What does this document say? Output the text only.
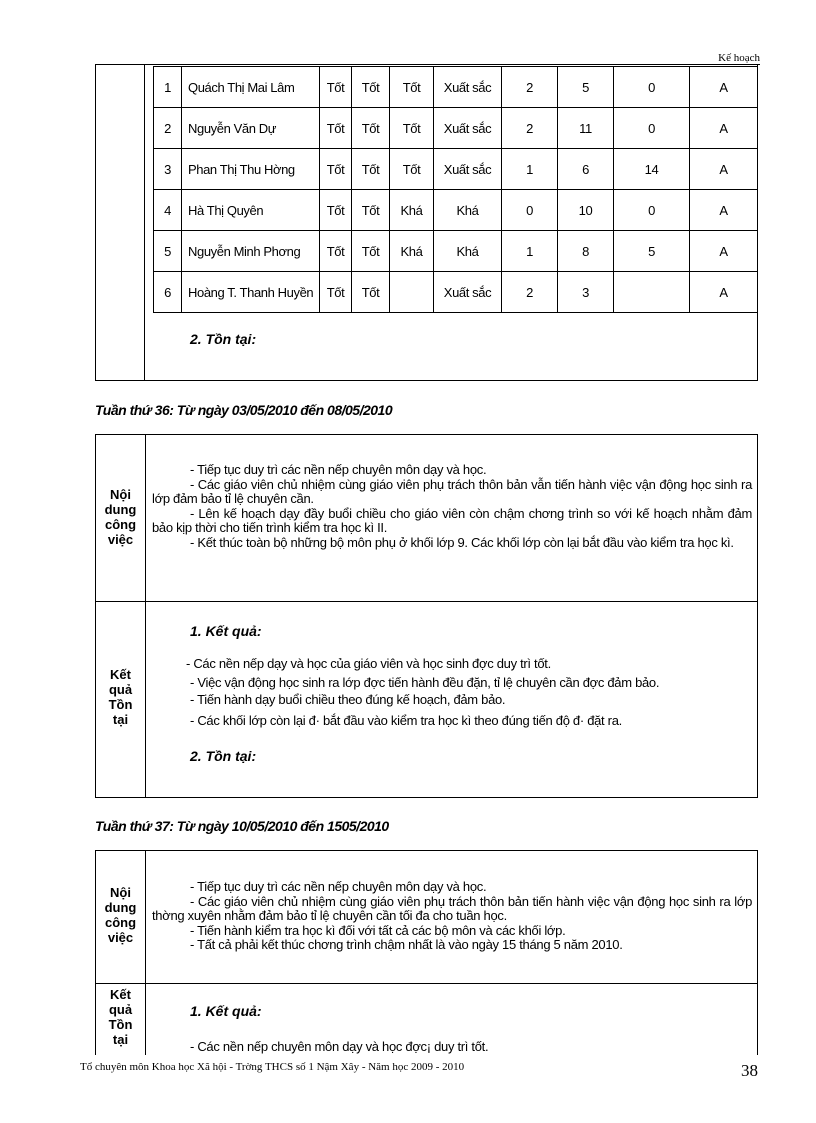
Kế hoạch
1	Quách Thị Mai Lâm	Tốt	Tốt	Tốt	Xuất sắc	2	5	0	A
2	Nguyễn Văn Dự	Tốt	Tốt	Tốt	Xuất sắc	2	11	0	A
3	Phan Thị Thu Hờng	Tốt	Tốt	Tốt	Xuất sắc	1	6	14	A
4	Hà Thị Quyên	Tốt	Tốt	Khá	Khá	0	10	0	A
5	Nguyễn Minh Phơng	Tốt	Tốt	Khá	Khá	1	8	5	A
6	Hoàng T. Thanh Huyền	Tốt	Tốt		Xuất sắc	2	3		A
2. Tồn tại:
Tuần thứ 36: Từ ngày 03/05/2010 đến 08/05/2010
Nội
dung
công
việc

- Tiếp tục duy trì các nền nếp chuyên môn dạy và học.

- Các giáo viên chủ nhiệm cùng giáo viên phụ trách thôn bản vẫn tiến hành việc vận động học sinh ra lớp đảm bảo tỉ lệ chuyên cần.

- Lên kế hoạch dạy đầy buổi chiều cho giáo viên còn chậm chơng trình so với kế hoạch nhằm đảm bảo kịp thời cho tiến trình kiểm tra học kì II.

- Kết thúc toàn bộ những bộ môn phụ ở khối lớp 9. Các khối lớp còn lại bắt đầu vào kiểm tra học kì.

Kết
quả
Tồn
tại
1. Kết quả:
- Các nền nếp dạy và học của giáo viên và học sinh đợc duy trì tốt.
- Việc vận động học sinh ra lớp đợc tiến hành đều đặn, tỉ lệ chuyên cần đợc đảm bảo.
- Tiến hành dạy buổi chiều theo đúng kế hoạch, đảm bảo.
- Các khối lớp còn lại đ· bắt đầu vào kiểm tra học kì theo đúng tiến độ đ· đặt ra.
2. Tồn tại:
Tuần thứ 37: Từ ngày 10/05/2010 đến 1505/2010
Nội
dung
công
việc

- Tiếp tục duy trì các nền nếp chuyên môn dạy và học.

- Các giáo viên chủ nhiệm cùng giáo viên phụ trách thôn bản tiến hành việc vận động học sinh ra lớp thờng xuyên nhằm đảm bảo tỉ lệ chuyên cần tối đa cho tuần học.

- Tiến hành kiểm tra học kì đối với tất cả các bộ môn và các khối lớp.

- Tất cả phải kết thúc chơng trình chậm nhất là vào ngày 15 tháng 5 năm 2010.

Kết
quả
Tồn
tại
1. Kết quả:
- Các nền nếp chuyên môn dạy và học đợc¡ duy trì tốt.
Tổ chuyên môn Khoa học Xã hội - Trờng THCS số 1 Nậm Xây - Năm học 2009 - 2010	38
